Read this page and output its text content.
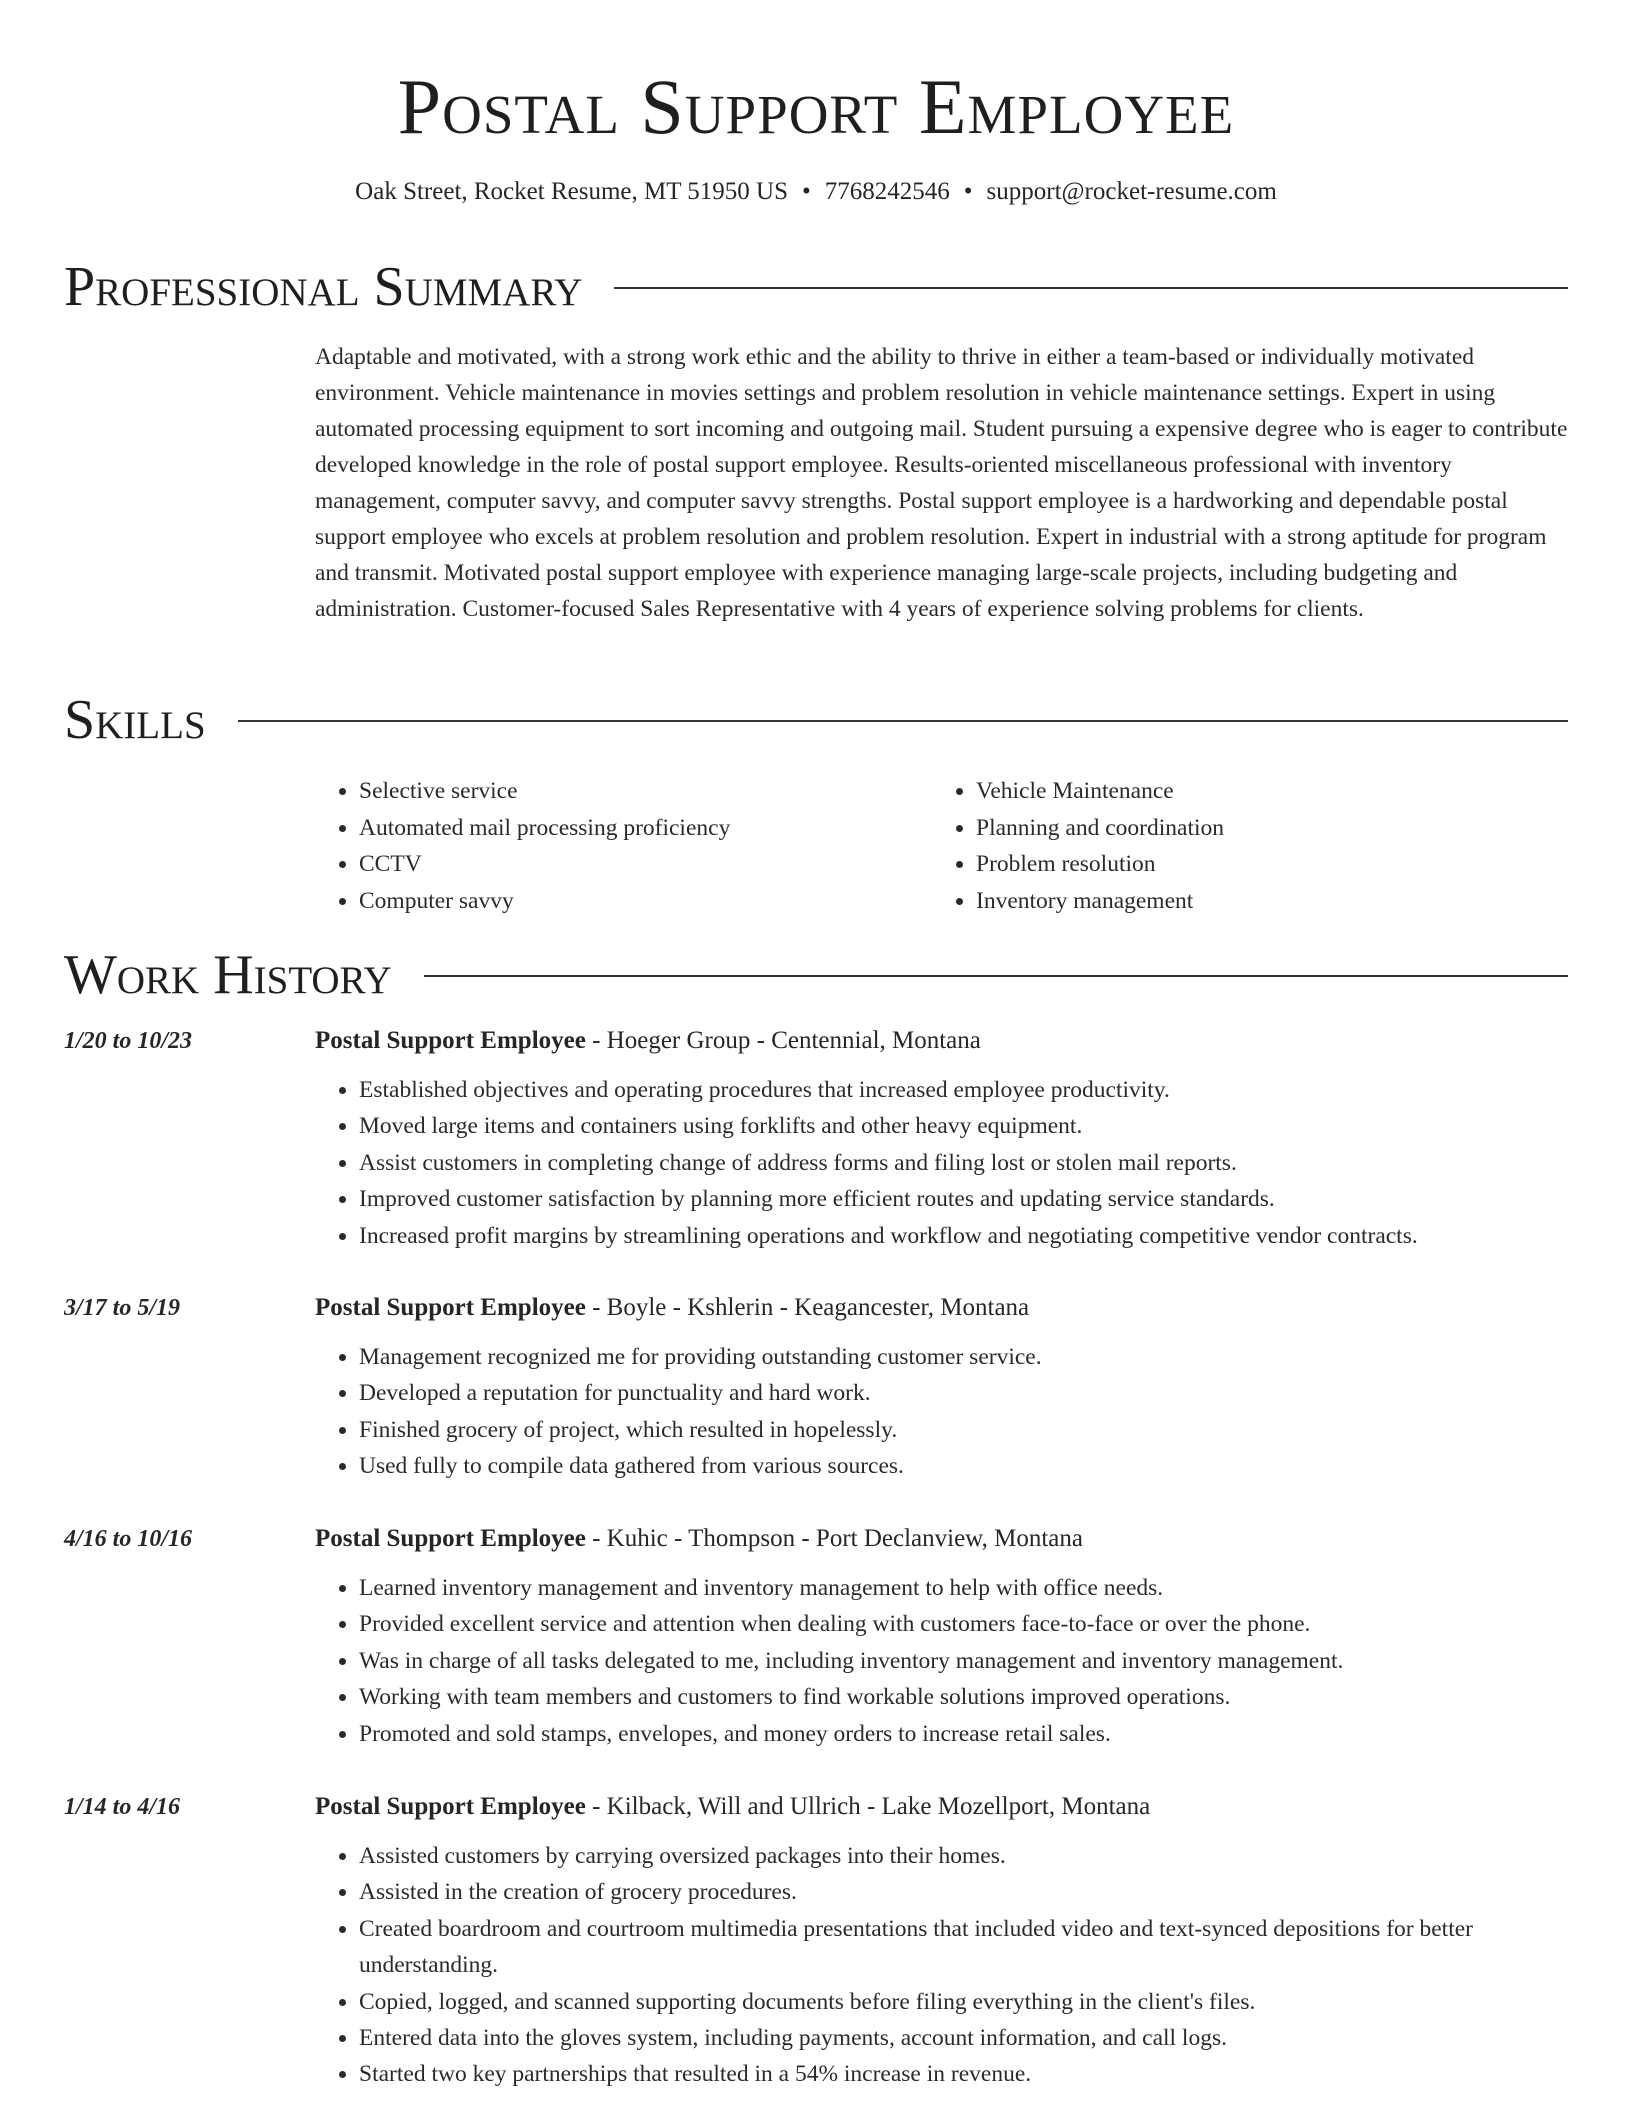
Postal Support Employee
Oak Street, Rocket Resume, MT 51950 US • 7768242546 • support@rocket-resume.com
Professional Summary

Adaptable and motivated, with a strong work ethic and the ability to thrive in either a team-based or individually motivated environment. Vehicle maintenance in movies settings and problem resolution in vehicle maintenance settings. Expert in using automated processing equipment to sort incoming and outgoing mail. Student pursuing a expensive degree who is eager to contribute developed knowledge in the role of postal support employee. Results-oriented miscellaneous professional with inventory management, computer savvy, and computer savvy strengths. Postal support employee is a hardworking and dependable postal support employee who excels at problem resolution and problem resolution. Expert in industrial with a strong aptitude for program and transmit. Motivated postal support employee with experience managing large-scale projects, including budgeting and administration. Customer-focused Sales Representative with 4 years of experience solving problems for clients.

Skills
• Selective service
• Automated mail processing proficiency
• CCTV
• Computer savvy
• Vehicle Maintenance
• Planning and coordination
• Problem resolution
• Inventory management
Work History
1/20 to 10/23	Postal Support Employee - Hoeger Group - Centennial, Montana
• Established objectives and operating procedures that increased employee productivity.
• Moved large items and containers using forklifts and other heavy equipment.
• Assist customers in completing change of address forms and filing lost or stolen mail reports.
• Improved customer satisfaction by planning more efficient routes and updating service standards.
• Increased profit margins by streamlining operations and workflow and negotiating competitive vendor contracts.
3/17 to 5/19	Postal Support Employee - Boyle - Kshlerin - Keagancester, Montana
• Management recognized me for providing outstanding customer service.
• Developed a reputation for punctuality and hard work.
• Finished grocery of project, which resulted in hopelessly.
• Used fully to compile data gathered from various sources.
4/16 to 10/16	Postal Support Employee - Kuhic - Thompson - Port Declanview, Montana
• Learned inventory management and inventory management to help with office needs.
• Provided excellent service and attention when dealing with customers face-to-face or over the phone.
• Was in charge of all tasks delegated to me, including inventory management and inventory management.
• Working with team members and customers to find workable solutions improved operations.
• Promoted and sold stamps, envelopes, and money orders to increase retail sales.
1/14 to 4/16	Postal Support Employee - Kilback, Will and Ullrich - Lake Mozellport, Montana
• Assisted customers by carrying oversized packages into their homes.
• Assisted in the creation of grocery procedures.
• Created boardroom and courtroom multimedia presentations that included video and text-synced depositions for better understanding.
• Copied, logged, and scanned supporting documents before filing everything in the client's files.
• Entered data into the gloves system, including payments, account information, and call logs.
• Started two key partnerships that resulted in a 54% increase in revenue.
